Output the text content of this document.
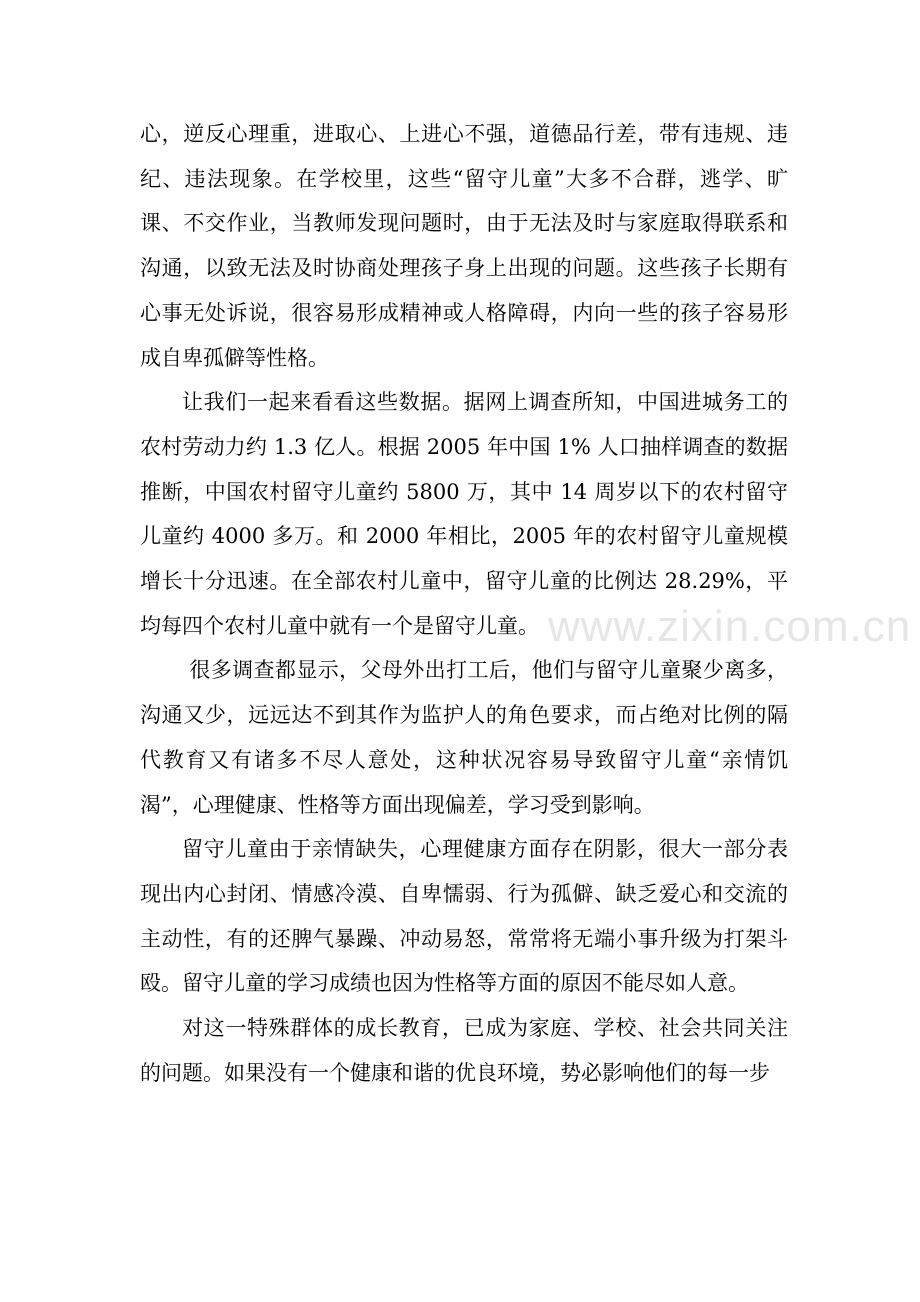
心，逆反心理重，进取心、上进心不强，道德品行差，带有违规、违纪、违法现象。在学校里，这些“留守儿童”大多不合群，逃学、旷课、不交作业，当教师发现问题时，由于无法及时与家庭取得联系和沟通，以致无法及时协商处理孩子身上出现的问题。这些孩子长期有心事无处诉说，很容易形成精神或人格障碍，内向一些的孩子容易形成自卑孤僻等性格。

让我们一起来看看这些数据。据网上调查所知，中国进城务工的农村劳动力约 1.3 亿人。根据 2005 年中国 1% 人口抽样调查的数据推断，中国农村留守儿童约 5800 万，其中 14 周岁以下的农村留守儿童约 4000 多万。和 2000 年相比，2005 年的农村留守儿童规模增长十分迅速。在全部农村儿童中，留守儿童的比例达 28.29%，平均每四个农村儿童中就有一个是留守儿童。

很多调查都显示，父母外出打工后，他们与留守儿童聚少离多，沟通又少，远远达不到其作为监护人的角色要求，而占绝对比例的隔代教育又有诸多不尽人意处，这种状况容易导致留守儿童“亲情饥渴”，心理健康、性格等方面出现偏差，学习受到影响。

留守儿童由于亲情缺失，心理健康方面存在阴影，很大一部分表现出内心封闭、情感冷漠、自卑懦弱、行为孤僻、缺乏爱心和交流的主动性，有的还脾气暴躁、冲动易怒，常常将无端小事升级为打架斗殴。留守儿童的学习成绩也因为性格等方面的原因不能尽如人意。

对这一特殊群体的成长教育，已成为家庭、学校、社会共同关注的问题。如果没有一个健康和谐的优良环境，势必影响他们的每一步

www.zixin.com.cn
